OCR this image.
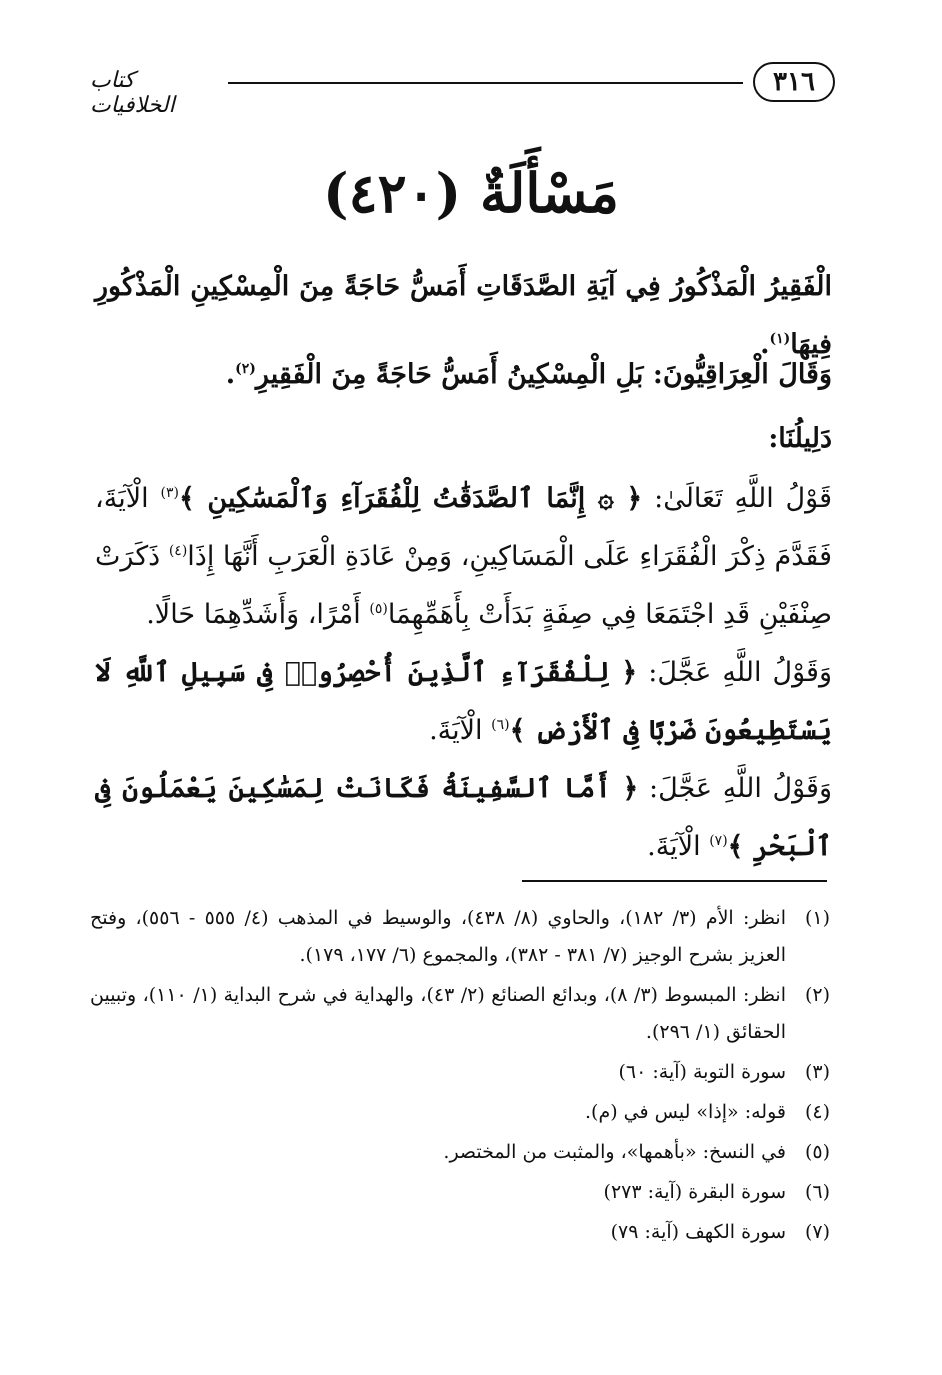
٣١٦
كتاب الخلافيات
مَسْأَلَةٌ (٤٢٠)
الْفَقِيرُ الْمَذْكُورُ فِي آيَةِ الصَّدَقَاتِ أَمَسُّ حَاجَةً مِنَ الْمِسْكِينِ الْمَذْكُورِ فِيهَا$^{(١)}$.
وَقَالَ الْعِرَاقِيُّونَ: بَلِ الْمِسْكِينُ أَمَسُّ حَاجَةً مِنَ الْفَقِيرِ$^{(٢)}$.
دَلِيلُنَا:
قَوْلُ اللَّهِ تَعَالَىٰ: ﴿ ۞ إِنَّمَا ٱلصَّدَقَٰتُ لِلْفُقَرَآءِ وَٱلْمَسَٰكِينِ ﴾$^{(٣)}$ الْآيَةَ، فَقَدَّمَ ذِكْرَ الْفُقَرَاءِ عَلَى الْمَسَاكِينِ، وَمِنْ عَادَةِ الْعَرَبِ أَنَّهَا إِذَا$^{(٤)}$ ذَكَرَتْ صِنْفَيْنِ قَدِ اجْتَمَعَا فِي صِفَةٍ بَدَأَتْ بِأَهَمِّهِمَا$^{(٥)}$ أَمْرًا، وَأَشَدِّهِمَا حَالًا.
وَقَوْلُ اللَّهِ عَجَّلَ: ﴿ لِلْفُقَرَآءِ ٱلَّذِينَ أُحْصِرُوا۟ فِى سَبِيلِ ٱللَّهِ لَا يَسْتَطِيعُونَ ضَرْبًا فِى ٱلْأَرْضِ ﴾$^{(٦)}$ الْآيَةَ.
وَقَوْلُ اللَّهِ عَجَّلَ: ﴿ أَمَّا ٱلسَّفِينَةُ فَكَانَتْ لِمَسَٰكِينَ يَعْمَلُونَ فِى ٱلْبَحْرِ ﴾$^{(٧)}$ الْآيَةَ.
(١)
انظر: الأم (٣/ ١٨٢)، والحاوي (٨/ ٤٣٨)، والوسيط في المذهب (٤/ ٥٥٥ - ٥٥٦)، وفتح العزيز بشرح الوجيز (٧/ ٣٨١ - ٣٨٢)، والمجموع (٦/ ١٧٧، ١٧٩).
(٢)
انظر: المبسوط (٣/ ٨)، وبدائع الصنائع (٢/ ٤٣)، والهداية في شرح البداية (١/ ١١٠)، وتبيين الحقائق (١/ ٢٩٦).
(٣)
سورة التوبة (آية: ٦٠)
(٤)
قوله: «إذا» ليس في (م).
(٥)
في النسخ: «بأهمها»، والمثبت من المختصر.
(٦)
سورة البقرة (آية: ٢٧٣)
(٧)
سورة الكهف (آية: ٧٩)
